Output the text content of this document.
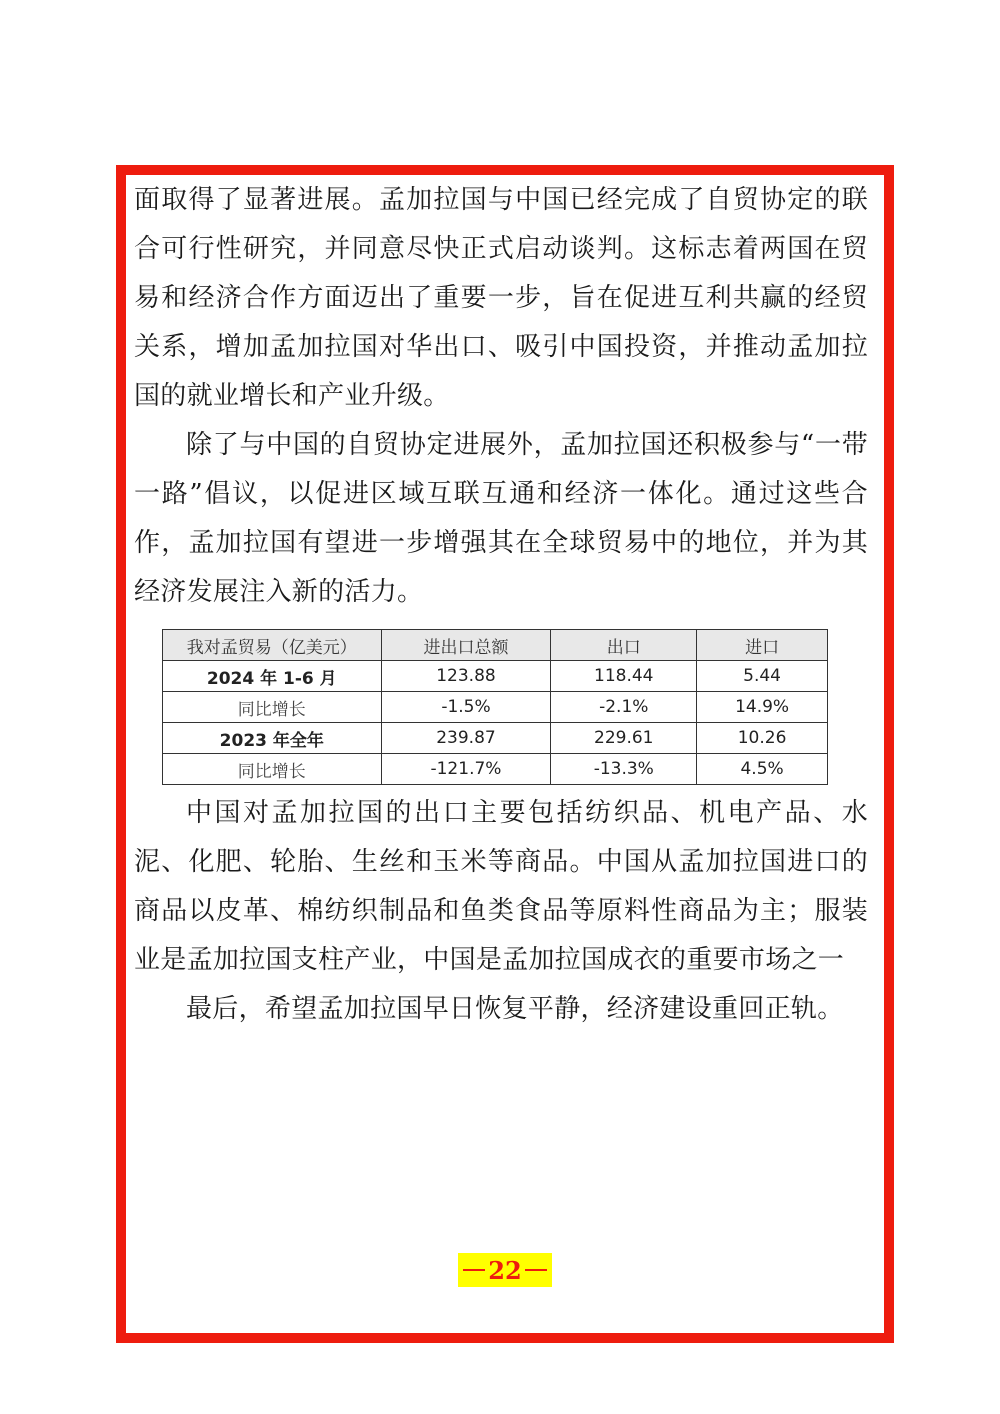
面取得了显著进展。孟加拉国与中国已经完成了自贸协定的联合可行性研究，并同意尽快正式启动谈判。这标志着两国在贸易和经济合作方面迈出了重要一步，旨在促进互利共赢的经贸关系，增加孟加拉国对华出口、吸引中国投资，并推动孟加拉国的就业增长和产业升级。

除了与中国的自贸协定进展外，孟加拉国还积极参与“一带一路”倡议，以促进区域互联互通和经济一体化。通过这些合作，孟加拉国有望进一步增强其在全球贸易中的地位，并为其经济发展注入新的活力。

我对孟贸易（亿美元）	进出口总额	出口	进口
2024 年 1-6 月	123.88	118.44	5.44
同比增长	-1.5%	-2.1%	14.9%
2023 年全年	239.87	229.61	10.26
同比增长	-121.7%	-13.3%	4.5%

中国对孟加拉国的出口主要包括纺织品、机电产品、水泥、化肥、轮胎、生丝和玉米等商品。中国从孟加拉国进口的商品以皮革、棉纺织制品和鱼类食品等原料性商品为主；服装业是孟加拉国支柱产业，中国是孟加拉国成衣的重要市场之一

最后，希望孟加拉国早日恢复平静，经济建设重回正轨。

22
